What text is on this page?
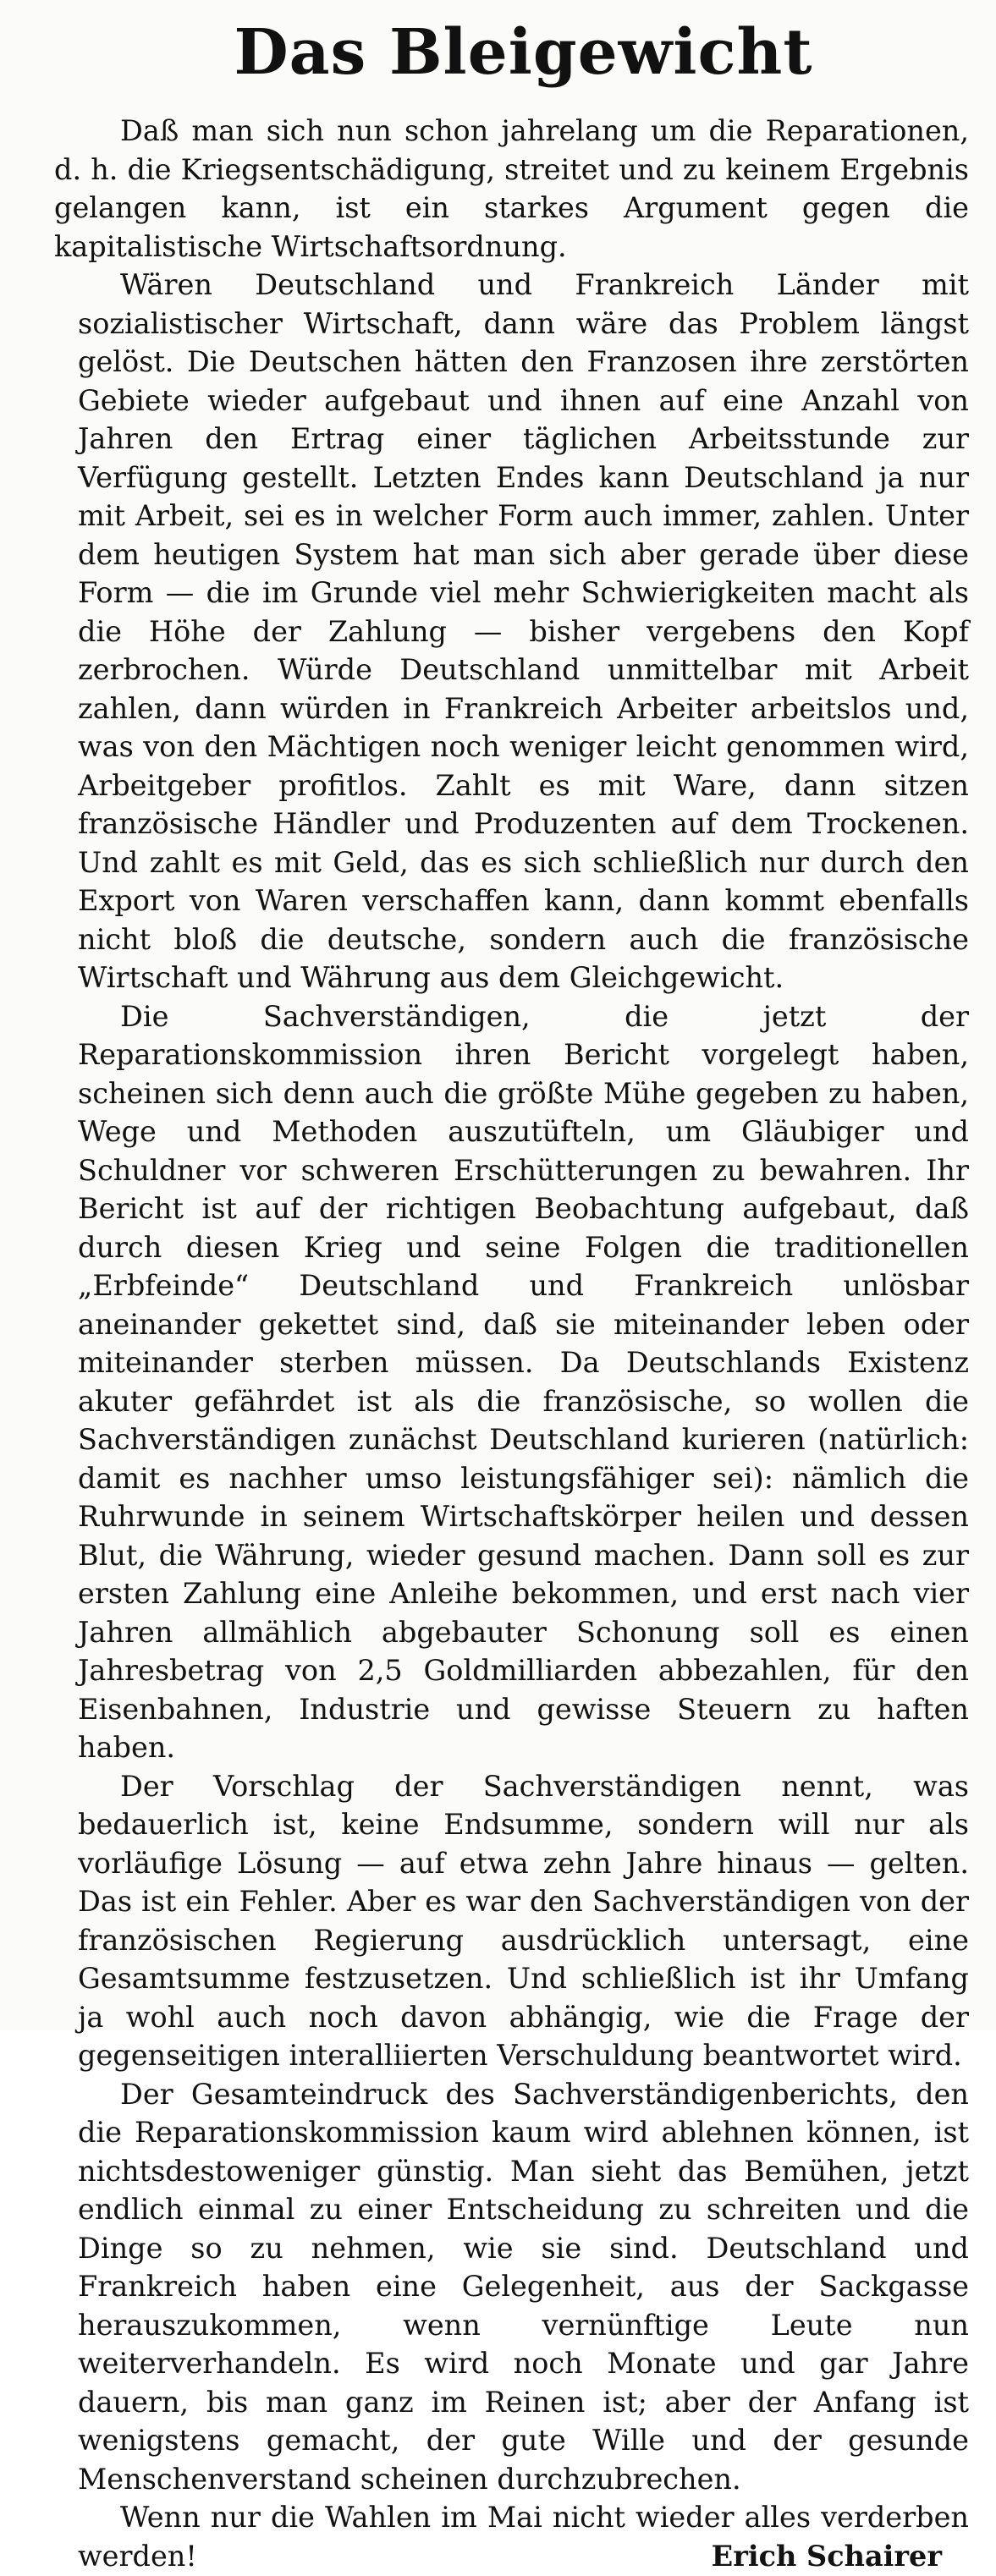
Das Bleigewicht

Daß man sich nun schon jahrelang um die Reparationen, d. h. die Kriegsentschädigung, streitet und zu keinem Ergebnis gelangen kann, ist ein starkes Argument gegen die kapitalistische Wirtschaftsordnung.

Wären Deutschland und Frankreich Länder mit sozialistischer Wirtschaft, dann wäre das Problem längst gelöst. Die Deutschen hätten den Franzosen ihre zerstörten Gebiete wieder aufgebaut und ihnen auf eine Anzahl von Jahren den Ertrag einer täglichen Arbeitsstunde zur Verfügung gestellt. Letzten Endes kann Deutschland ja nur mit Arbeit, sei es in welcher Form auch immer, zahlen. Unter dem heutigen System hat man sich aber gerade über diese Form — die im Grunde viel mehr Schwierigkeiten macht als die Höhe der Zahlung — bisher vergebens den Kopf zerbrochen. Würde Deutschland unmittelbar mit Arbeit zahlen, dann würden in Frankreich Arbeiter arbeitslos und, was von den Mächtigen noch weniger leicht genommen wird, Arbeitgeber profitlos. Zahlt es mit Ware, dann sitzen französische Händler und Produzenten auf dem Trockenen. Und zahlt es mit Geld, das es sich schließlich nur durch den Export von Waren verschaffen kann, dann kommt ebenfalls nicht bloß die deutsche, sondern auch die französische Wirtschaft und Währung aus dem Gleichgewicht.

Die Sachverständigen, die jetzt der Reparationskommission ihren Bericht vorgelegt haben, scheinen sich denn auch die größte Mühe gegeben zu haben, Wege und Methoden auszutüfteln, um Gläubiger und Schuldner vor schweren Erschütterungen zu bewahren. Ihr Bericht ist auf der richtigen Beobachtung aufgebaut, daß durch diesen Krieg und seine Folgen die traditionellen „Erbfeinde“ Deutschland und Frankreich unlösbar aneinander gekettet sind, daß sie miteinander leben oder miteinander sterben müssen. Da Deutschlands Existenz akuter gefährdet ist als die französische, so wollen die Sachverständigen zunächst Deutschland kurieren (natürlich: damit es nachher umso leistungsfähiger sei): nämlich die Ruhrwunde in seinem Wirtschaftskörper heilen und dessen Blut, die Währung, wieder gesund machen. Dann soll es zur ersten Zahlung eine Anleihe bekommen, und erst nach vier Jahren allmählich abgebauter Schonung soll es einen Jahresbetrag von 2,5 Goldmilliarden abbezahlen, für den Eisenbahnen, Industrie und gewisse Steuern zu haften haben.

Der Vorschlag der Sachverständigen nennt, was bedauerlich ist, keine Endsumme, sondern will nur als vorläufige Lösung — auf etwa zehn Jahre hinaus — gelten. Das ist ein Fehler. Aber es war den Sachverständigen von der französischen Regierung ausdrücklich untersagt, eine Gesamtsumme festzusetzen. Und schließlich ist ihr Umfang ja wohl auch noch davon abhängig, wie die Frage der gegenseitigen interalliierten Verschuldung beantwortet wird.

Der Gesamteindruck des Sachverständigenberichts, den die Reparationskommission kaum wird ablehnen können, ist nichtsdestoweniger günstig. Man sieht das Bemühen, jetzt endlich einmal zu einer Entscheidung zu schreiten und die Dinge so zu nehmen, wie sie sind. Deutschland und Frankreich haben eine Gelegenheit, aus der Sackgasse herauszukommen, wenn vernünftige Leute nun weiterverhandeln. Es wird noch Monate und gar Jahre dauern, bis man ganz im Reinen ist; aber der Anfang ist wenigstens gemacht, der gute Wille und der gesunde Menschenverstand scheinen durchzubrechen.

Wenn nur die Wahlen im Mai nicht wieder alles verderben werden!	Erich Schairer
